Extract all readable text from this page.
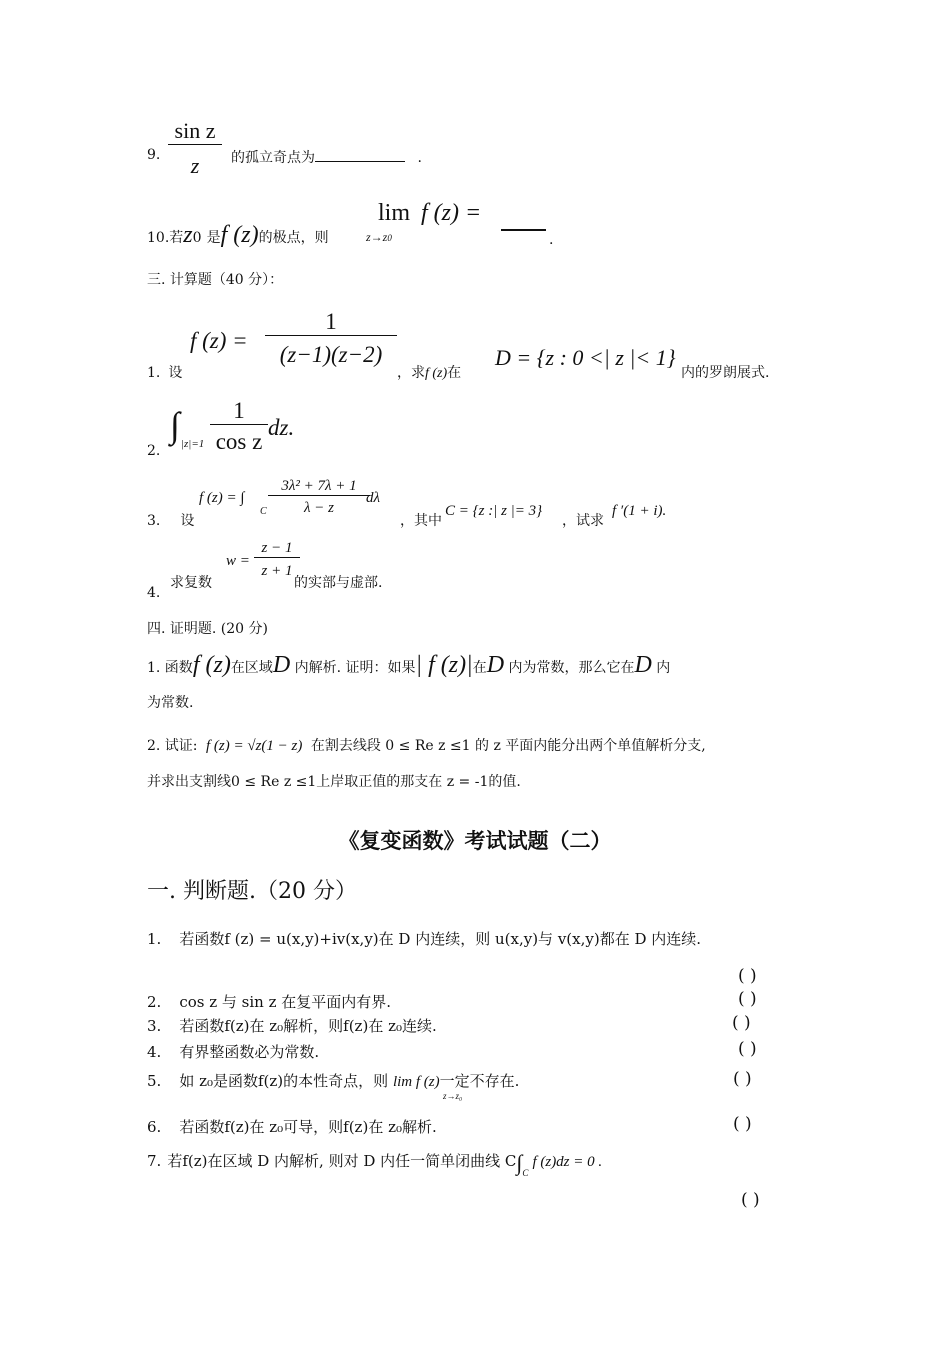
9. $\frac{\text{sin z}}{z}$ 的孤立奇点为	.
10.若z0 是f (z)的极点，则
lim
z→z0
f (z) =
.
三. 计算题（40 分）：
1. 设
f $(z) = \frac{1}{(z-1)(z-2)}$
，求f (z)在
D = {z : 0 <| z |< 1}
内的罗朗展式.
2.
∫ $|z|=1 \frac{1}{\text{cos z}}$ dz.
3. 设
f (z) = ∫
C $\frac{\text{3λ² + 7λ + 1}}{\lambda - z}$
dλ
，其中
C = {z :| z |= 3}
，试求
f ′(1 + i).
4.
求复数
$w = \frac{z - 1}{z + 1}$
的实部与虚部.
四. 证明题. (20 分)
1. 函数f (z)在区域D 内解析. 证明：如果| f (z)|在D 内为常数，那么它在D 内
为常数.
2. 试证: f (z) = √z(1 − z) 在割去线段 0 ≤ Re z ≤1 的 z 平面内能分出两个单值解析分支,
并求出支割线0 ≤ Re z ≤1上岸取正值的那支在 z = -1的值.
《复变函数》考试试题（二）
一. 判断题.（20 分）
1. 若函数f (z) = u(x,y)+iv(x,y)在 D 内连续，则 u(x,y)与 v(x,y)都在 D 内连续.
( )
2. cos z 与 sin z 在复平面内有界.	( )
3. 若函数f(z)在 z₀解析，则f(z)在 z₀连续.	( )
4. 有界整函数必为常数.	( )
5. 如 z₀是函数f(z)的本性奇点，则 lim f (z)一定不存在.
z→z₀
( )
6. 若函数f(z)在 z₀可导，则f(z)在 z₀解析.	( )
7. 若f(z)在区域 D 内解析, 则对 D 内任一简单闭曲线 $C\int_Cf$ (z)dz = 0 .
( )
